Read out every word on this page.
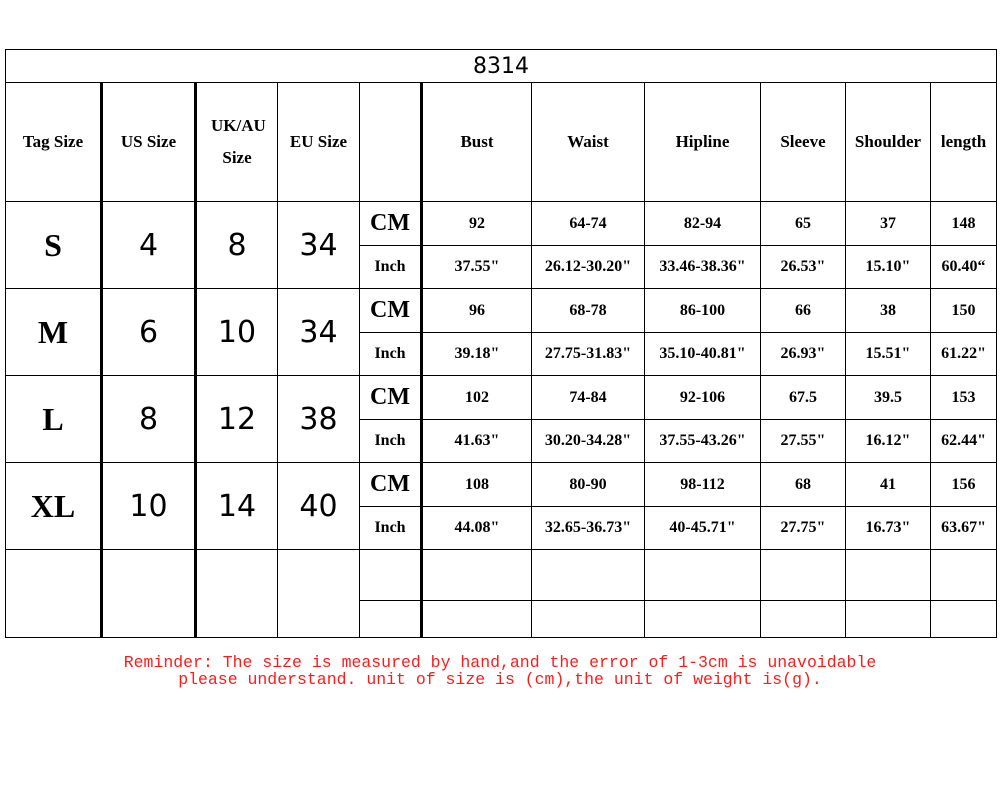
8314										
Tag Size	US Size	UK/AU Size	EU Size		Bust	Waist	Hipline	Sleeve	Shoulder	length
S	4	8	34	CM	92	64-74	82-94	65	37	148
				Inch	37.55"	26.12-30.20"	33.46-38.36"	26.53"	15.10"	60.40“
M	6	10	34	CM	96	68-78	86-100	66	38	150
				Inch	39.18"	27.75-31.83"	35.10-40.81"	26.93"	15.51"	61.22"
L	8	12	38	CM	102	74-84	92-106	67.5	39.5	153
				Inch	41.63"	30.20-34.28"	37.55-43.26"	27.55"	16.12"	62.44"
XL	10	14	40	CM	108	80-90	98-112	68	41	156
				Inch	44.08"	32.65-36.73"	40-45.71"	27.75"	16.73"	63.67"

Reminder: The size is measured by hand,and the error of 1-3cm is unavoidable
please understand. unit of size is (cm),the unit of weight is(g).
